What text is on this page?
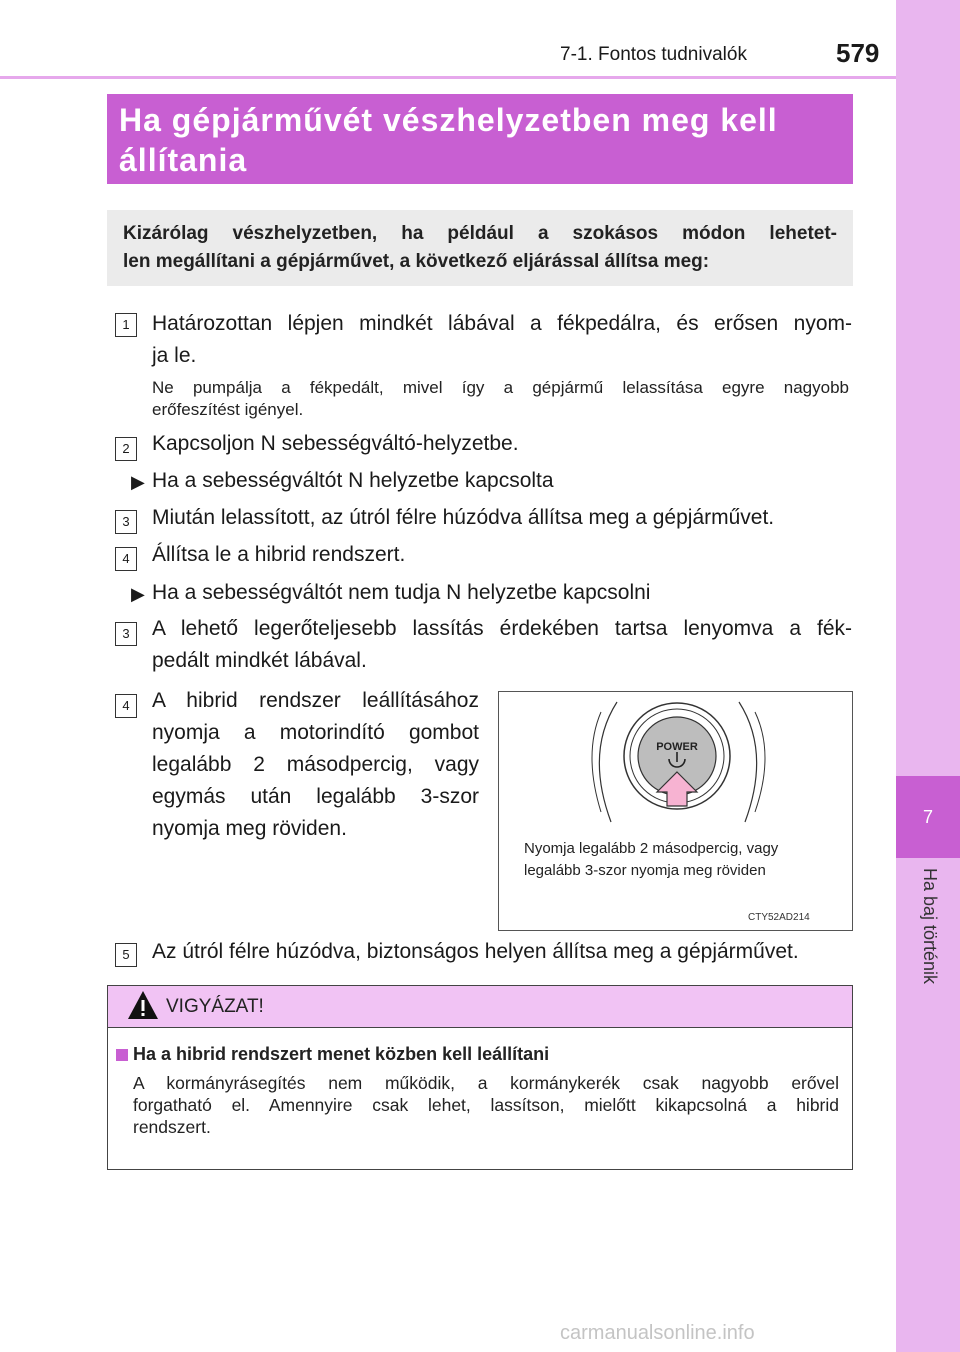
7
Ha baj történik
7-1. Fontos tudnivalók	579
Ha gépjárművét vészhelyzetben meg kell
állítania
Kizárólag vészhelyzetben, ha például a szokásos módon lehetet-
len megállítani a gépjárművet, a következő eljárással állítsa meg:
1	Határozottan lépjen mindkét lábával a fékpedálra, és erősen nyom-
ja le.
Ne pumpálja a fékpedált, mivel így a gépjármű lelassítása egyre nagyobb
erőfeszítést igényel.
2	Kapcsoljon N sebességváltó-helyzetbe.
▶ Ha a sebességváltót N helyzetbe kapcsolta
3	Miután lelassított, az útról félre húzódva állítsa meg a gépjárművet.
4	Állítsa le a hibrid rendszert.
▶ Ha a sebességváltót nem tudja N helyzetbe kapcsolni
3	A lehető legerőteljesebb lassítás érdekében tartsa lenyomva a fék-
pedált mindkét lábával.
4	A hibrid rendszer leállításához
nyomja a motorindító gombot
legalább 2 másodpercig, vagy
egymás után legalább 3-szor
nyomja meg röviden.
POWER
Nyomja legalább 2 másodpercig, vagy
legalább 3-szor nyomja meg röviden
CTY52AD214
5	Az útról félre húzódva, biztonságos helyen állítsa meg a gépjárművet.
VIGYÁZAT!
Ha a hibrid rendszert menet közben kell leállítani
A kormányrásegítés nem működik, a kormánykerék csak nagyobb erővel
forgatható el. Amennyire csak lehet, lassítson, mielőtt kikapcsolná a hibrid
rendszert.
carmanualsonline.info
